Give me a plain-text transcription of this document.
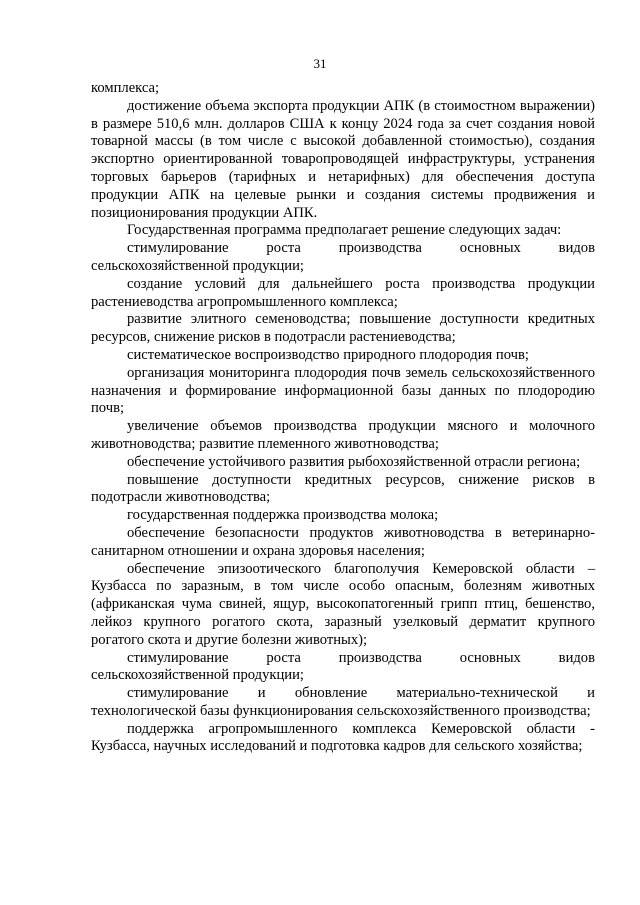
31

комплекса;

достижение объема экспорта продукции АПК (в стоимостном выражении) в размере 510,6 млн. долларов США к концу 2024 года за счет создания новой товарной массы (в том числе с высокой добавленной стоимостью), создания экспортно ориентированной товаропроводящей инфраструктуры, устранения торговых барьеров (тарифных и нетарифных) для обеспечения доступа продукции АПК на целевые рынки и создания системы продвижения и позиционирования продукции АПК.

Государственная программа предполагает решение следующих задач:

стимулирование роста производства основных видов сельскохозяйственной продукции;

создание условий для дальнейшего роста производства продукции растениеводства агропромышленного комплекса;

развитие элитного семеноводства; повышение доступности кредитных ресурсов, снижение рисков в подотрасли растениеводства;

систематическое воспроизводство природного плодородия почв;

организация мониторинга плодородия почв земель сельскохозяйственного назначения и формирование информационной базы данных по плодородию почв;

увеличение объемов производства продукции мясного и молочного животноводства; развитие племенного животноводства;

обеспечение устойчивого развития рыбохозяйственной отрасли региона;

повышение доступности кредитных ресурсов, снижение рисков в подотрасли животноводства;

государственная поддержка производства молока;

обеспечение безопасности продуктов животноводства в ветеринарно-санитарном отношении и охрана здоровья населения;

обеспечение эпизоотического благополучия Кемеровской области – Кузбасса по заразным, в том числе особо опасным, болезням животных (африканская чума свиней, ящур, высокопатогенный грипп птиц, бешенство, лейкоз крупного рогатого скота, заразный узелковый дерматит крупного рогатого скота и другие болезни животных);

стимулирование роста производства основных видов сельскохозяйственной продукции;

стимулирование и обновление материально-технической и технологической базы функционирования сельскохозяйственного производства;

поддержка агропромышленного комплекса Кемеровской области - Кузбасса, научных исследований и подготовка кадров для сельского хозяйства;
